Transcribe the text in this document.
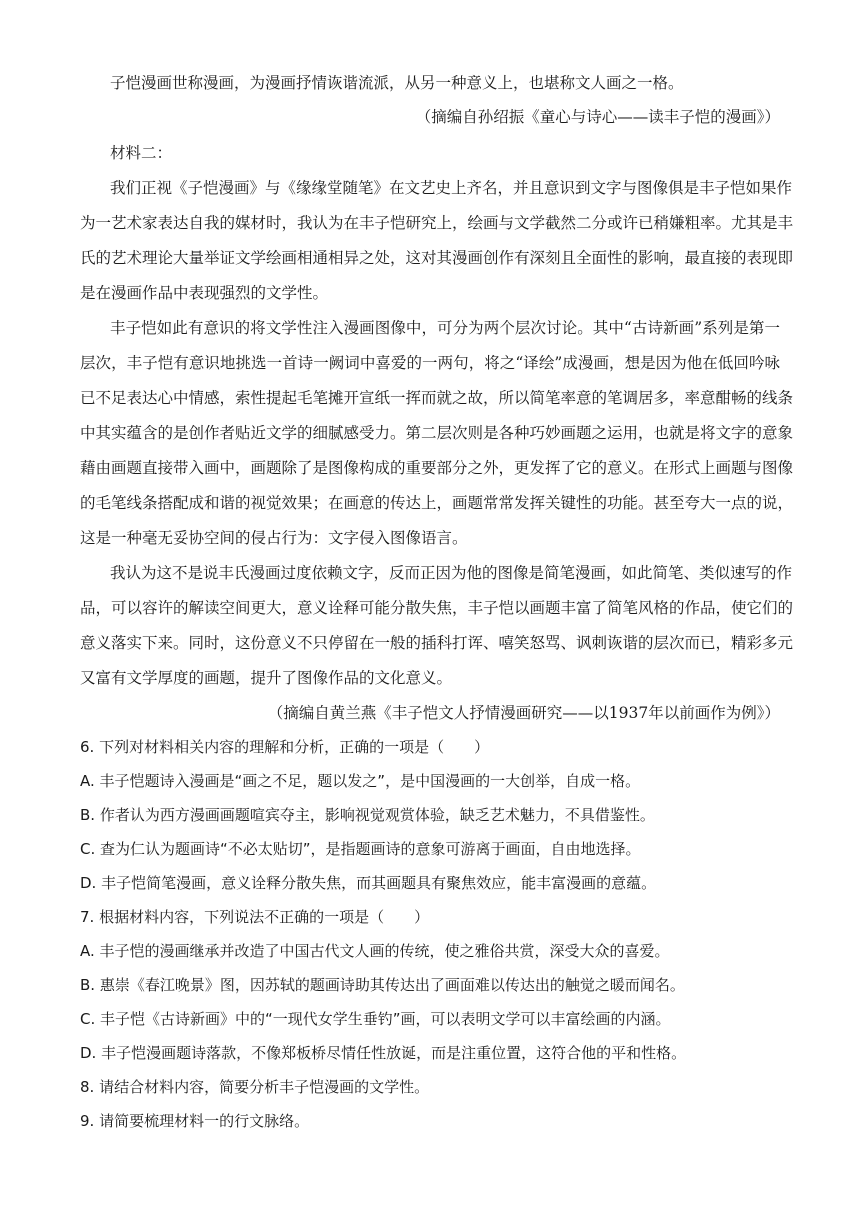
子恺漫画世称漫画，为漫画抒情诙谐流派，从另一种意义上，也堪称文人画之一格。
（摘编自孙绍振《童心与诗心——读丰子恺的漫画》）
材料二：
我们正视《子恺漫画》与《缘缘堂随笔》在文艺史上齐名，并且意识到文字与图像俱是丰子恺如果作
为一艺术家表达自我的媒材时，我认为在丰子恺研究上，绘画与文学截然二分或许已稍嫌粗率。尤其是丰
氏的艺术理论大量举证文学绘画相通相异之处，这对其漫画创作有深刻且全面性的影响，最直接的表现即
是在漫画作品中表现强烈的文学性。
丰子恺如此有意识的将文学性注入漫画图像中，可分为两个层次讨论。其中“古诗新画”系列是第一
层次，丰子恺有意识地挑选一首诗一阙词中喜爱的一两句，将之“译绘”成漫画，想是因为他在低回吟咏
已不足表达心中情感，索性提起毛笔摊开宣纸一挥而就之故，所以简笔率意的笔调居多，率意酣畅的线条
中其实蕴含的是创作者贴近文学的细腻感受力。第二层次则是各种巧妙画题之运用，也就是将文字的意象
藉由画题直接带入画中，画题除了是图像构成的重要部分之外，更发挥了它的意义。在形式上画题与图像
的毛笔线条搭配成和谐的视觉效果；在画意的传达上，画题常常发挥关键性的功能。甚至夸大一点的说，
这是一种毫无妥协空间的侵占行为：文字侵入图像语言。
我认为这不是说丰氏漫画过度依赖文字，反而正因为他的图像是简笔漫画，如此简笔、类似速写的作
品，可以容许的解读空间更大，意义诠释可能分散失焦，丰子恺以画题丰富了简笔风格的作品，使它们的
意义落实下来。同时，这份意义不只停留在一般的插科打诨、嘻笑怒骂、讽刺诙谐的层次而已，精彩多元
又富有文学厚度的画题，提升了图像作品的文化意义。
（摘编自黄兰燕《丰子恺文人抒情漫画研究——以1937年以前画作为例》）
6. 下列对材料相关内容的理解和分析，正确的一项是（　　）
A. 丰子恺题诗入漫画是“画之不足，题以发之”，是中国漫画的一大创举，自成一格。
B. 作者认为西方漫画画题喧宾夺主，影响视觉观赏体验，缺乏艺术魅力，不具借鉴性。
C. 查为仁认为题画诗“不必太贴切”，是指题画诗的意象可游离于画面，自由地选择。
D. 丰子恺简笔漫画，意义诠释分散失焦，而其画题具有聚焦效应，能丰富漫画的意蕴。
7. 根据材料内容，下列说法不正确的一项是（　　）
A. 丰子恺的漫画继承并改造了中国古代文人画的传统，使之雅俗共赏，深受大众的喜爱。
B. 惠崇《春江晚景》图，因苏轼的题画诗助其传达出了画面难以传达出的触觉之暖而闻名。
C. 丰子恺《古诗新画》中的“一现代女学生垂钓”画，可以表明文学可以丰富绘画的内涵。
D. 丰子恺漫画题诗落款，不像郑板桥尽情任性放诞，而是注重位置，这符合他的平和性格。
8. 请结合材料内容，简要分析丰子恺漫画的文学性。
9. 请简要梳理材料一的行文脉络。
